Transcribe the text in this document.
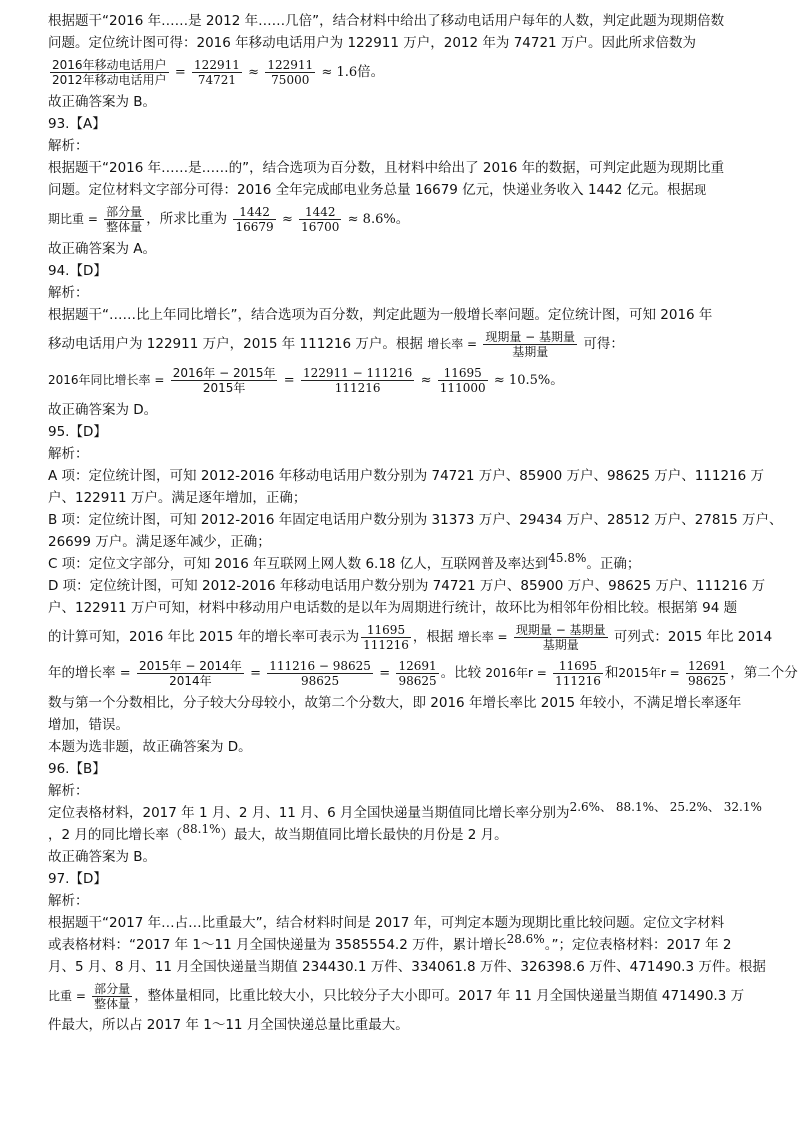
根据题干“2016 年……是 2012 年……几倍”，结合材料中给出了移动电话用户每年的人数，判定此题为现期倍数
问题。定位统计图可得：2016 年移动电话用户为 122911 万户，2012 年为 74721 万户。因此所求倍数为
$\frac{\text{2016年移动电话用户}}{\text{2012年移动电话用户}} = \frac{122911}{74721} \approx \frac{122911}{75000} \approx 1.6$倍。
故正确答案为 B。
93.【A】
解析：
根据题干“2016 年……是……的”，结合选项为百分数，且材料中给出了 2016 年的数据，可判定此题为现期比重
问题。定位材料文字部分可得：2016 全年完成邮电业务总量 16679 亿元，快递业务收入 1442 亿元。根据现
期比重 = $\frac{\text{部分量}}{\text{整体量}}$ ，所求比重为 $\frac{1442}{16679} \approx \frac{1442}{16700} \approx 8.6\%$。
故正确答案为 A。
94.【D】
解析：
根据题干“……比上年同比增长”，结合选项为百分数，判定此题为一般增长率问题。定位统计图，可知 2016 年
移动电话用户为 122911 万户，2015 年 111216 万户。根据 增长率 = $\frac{\text{现期量 − 基期量}}{\text{基期量}}$ 可得：
2016年同比增长率 = $\frac{\text{2016年 − 2015年}}{\text{2015年}} = \frac{122911 - 111216}{111216} \approx \frac{11695}{111000} \approx 10.5\%$。
故正确答案为 D。
95.【D】
解析：
A 项：定位统计图，可知 2012-2016 年移动电话用户数分别为 74721 万户、85900 万户、98625 万户、111216 万
户、122911 万户。满足逐年增加，正确；
B 项：定位统计图，可知 2012-2016 年固定电话用户数分别为 31373 万户、29434 万户、28512 万户、27815 万户、
26699 万户。满足逐年减少，正确；
C 项：定位文字部分，可知 2016 年互联网上网人数 6.18 亿人，互联网普及率达到45.8%。正确；
D 项：定位统计图，可知 2012-2016 年移动电话用户数分别为 74721 万户、85900 万户、98625 万户、111216 万
户、122911 万户可知，材料中移动用户电话数的是以年为周期进行统计，故环比为相邻年份相比较。根据第 94 题
的计算可知，2016 年比 2015 年的增长率可表示为 $\frac{11695}{111216}$ ，根据 增长率 = $\frac{\text{现期量 − 基期量}}{\text{基期量}}$ 可列式：2015 年比 2014
年的增长率 = $\frac{\text{2015年 − 2014年}}{\text{2014年}} = \frac{111216 - 98625}{98625} = \frac{12691}{98625}$ 。比较 2016年$r = \frac{11695}{111216}$ 和2015年$r = \frac{12691}{98625}$ ，第二个分
数与第一个分数相比，分子较大分母较小，故第二个分数大，即 2016 年增长率比 2015 年较小，不满足增长率逐年
增加，错误。
本题为选非题，故正确答案为 D。
96.【B】
解析：
定位表格材料，2017 年 1 月、2 月、11 月、6 月全国快递量当期值同比增长率分别为2.6%、 88.1%、 25.2%、 32.1%
，2 月的同比增长率（88.1%）最大，故当期值同比增长最快的月份是 2 月。
故正确答案为 B。
97.【D】
解析：
根据题干“2017 年…占…比重最大”，结合材料时间是 2017 年，可判定本题为现期比重比较问题。定位文字材料
或表格材料：“2017 年 1～11 月全国快递量为 3585554.2 万件，累计增长28.6%。”；定位表格材料：2017 年 2
月、5 月、8 月、11 月全国快递量当期值 234430.1 万件、334061.8 万件、326398.6 万件、471490.3 万件。根据
比重 = $\frac{\text{部分量}}{\text{整体量}}$ ，整体量相同，比重比较大小，只比较分子大小即可。2017 年 11 月全国快递量当期值 471490.3 万
件最大，所以占 2017 年 1～11 月全国快递总量比重最大。
